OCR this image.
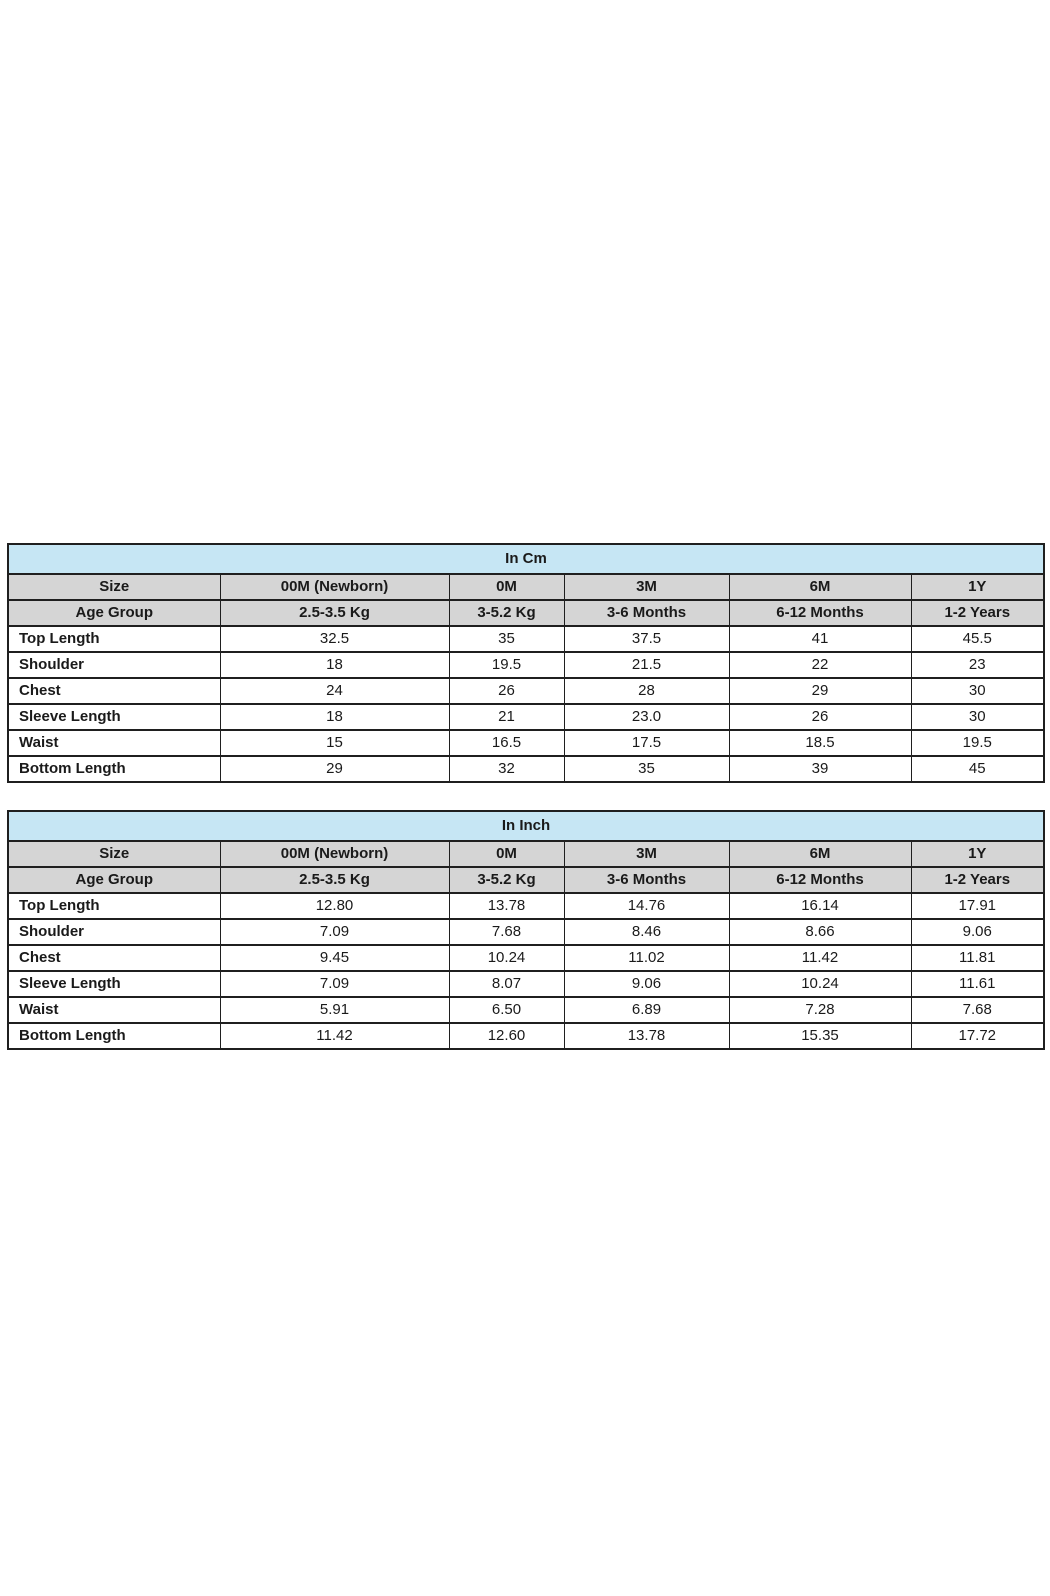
In Cm					
Size	00M (Newborn)	0M	3M	6M	1Y
Age Group	2.5-3.5 Kg	3-5.2 Kg	3-6 Months	6-12 Months	1-2 Years
Top Length	32.5	35	37.5	41	45.5
Shoulder	18	19.5	21.5	22	23
Chest	24	26	28	29	30
Sleeve Length	18	21	23.0	26	30
Waist	15	16.5	17.5	18.5	19.5
Bottom Length	29	32	35	39	45
In Inch					
Size	00M (Newborn)	0M	3M	6M	1Y
Age Group	2.5-3.5 Kg	3-5.2 Kg	3-6 Months	6-12 Months	1-2 Years
Top Length	12.80	13.78	14.76	16.14	17.91
Shoulder	7.09	7.68	8.46	8.66	9.06
Chest	9.45	10.24	11.02	11.42	11.81
Sleeve Length	7.09	8.07	9.06	10.24	11.61
Waist	5.91	6.50	6.89	7.28	7.68
Bottom Length	11.42	12.60	13.78	15.35	17.72
